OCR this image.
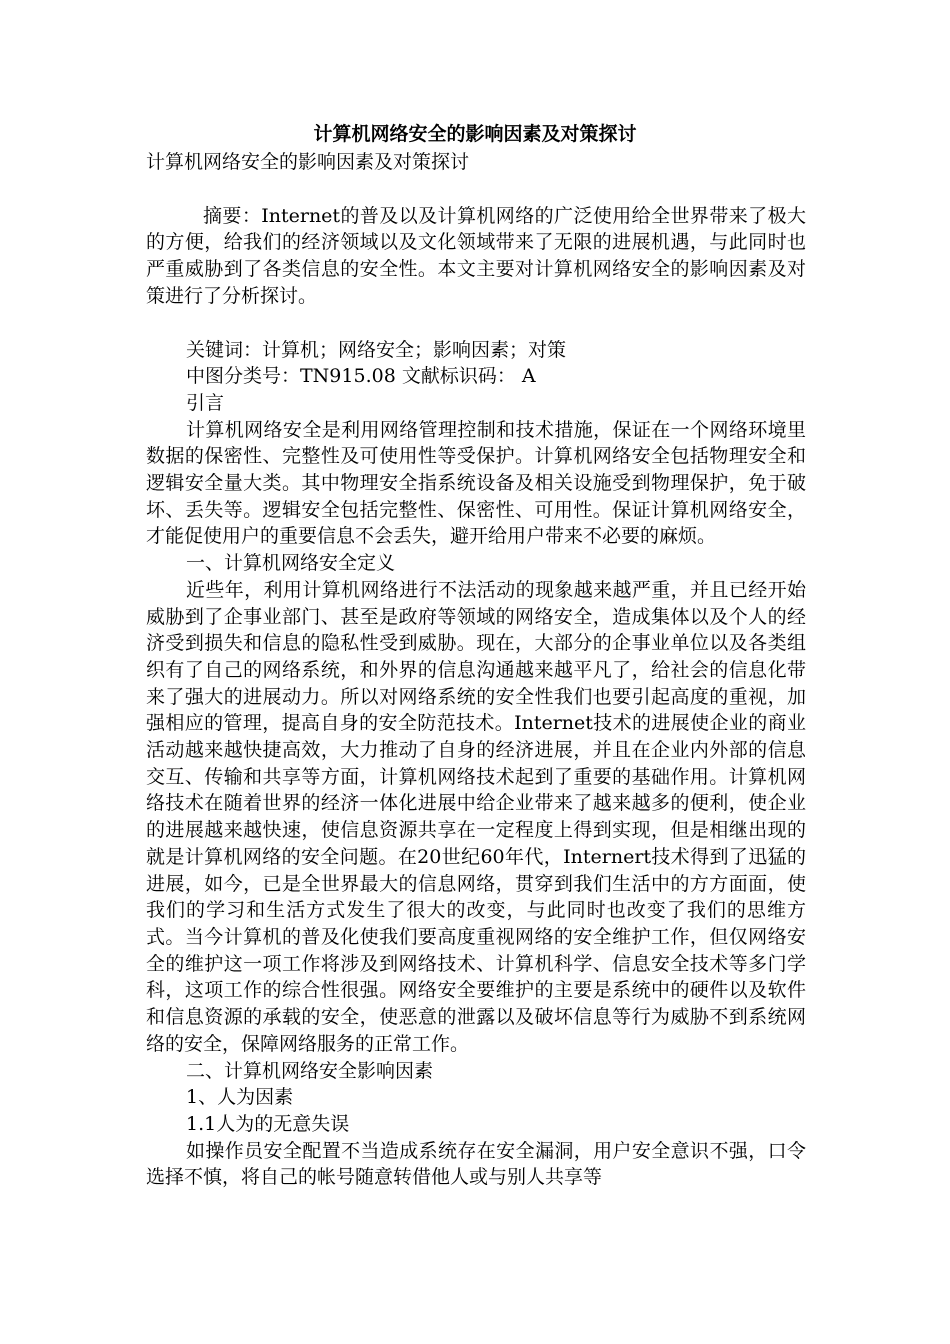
计算机网络安全的影响因素及对策探讨

计算机网络安全的影响因素及对策探讨

摘要：Internet的普及以及计算机网络的广泛使用给全世界带来了极大的方便，给我们的经济领域以及文化领域带来了无限的进展机遇，与此同时也严重威胁到了各类信息的安全性。本文主要对计算机网络安全的影响因素及对策进行了分析探讨。

关键词：计算机；网络安全；影响因素；对策

中图分类号：TN915.08 文献标识码： A

引言

计算机网络安全是利用网络管理控制和技术措施，保证在一个网络环境里数据的保密性、完整性及可使用性等受保护。计算机网络安全包括物理安全和逻辑安全量大类。其中物理安全指系统设备及相关设施受到物理保护，免于破坏、丢失等。逻辑安全包括完整性、保密性、可用性。保证计算机网络安全，才能促使用户的重要信息不会丢失，避开给用户带来不必要的麻烦。

一、计算机网络安全定义

近些年，利用计算机网络进行不法活动的现象越来越严重，并且已经开始威胁到了企事业部门、甚至是政府等领域的网络安全，造成集体以及个人的经济受到损失和信息的隐私性受到威胁。现在，大部分的企事业单位以及各类组织有了自己的网络系统，和外界的信息沟通越来越平凡了，给社会的信息化带来了强大的进展动力。所以对网络系统的安全性我们也要引起高度的重视，加强相应的管理，提高自身的安全防范技术。Internet技术的进展使企业的商业活动越来越快捷高效，大力推动了自身的经济进展，并且在企业内外部的信息交互、传输和共享等方面，计算机网络技术起到了重要的基础作用。计算机网络技术在随着世界的经济一体化进展中给企业带来了越来越多的便利，使企业的进展越来越快速，使信息资源共享在一定程度上得到实现，但是相继出现的就是计算机网络的安全问题。在20世纪60年代，Internert技术得到了迅猛的进展，如今，已是全世界最大的信息网络，贯穿到我们生活中的方方面面，使我们的学习和生活方式发生了很大的改变，与此同时也改变了我们的思维方式。当今计算机的普及化使我们要高度重视网络的安全维护工作，但仅网络安全的维护这一项工作将涉及到网络技术、计算机科学、信息安全技术等多门学科，这项工作的综合性很强。网络安全要维护的主要是系统中的硬件以及软件和信息资源的承载的安全，使恶意的泄露以及破坏信息等行为威胁不到系统网络的安全，保障网络服务的正常工作。

二、计算机网络安全影响因素

1、人为因素

1.1人为的无意失误

如操作员安全配置不当造成系统存在安全漏洞，用户安全意识不强，口令选择不慎，将自己的帐号随意转借他人或与别人共享等
